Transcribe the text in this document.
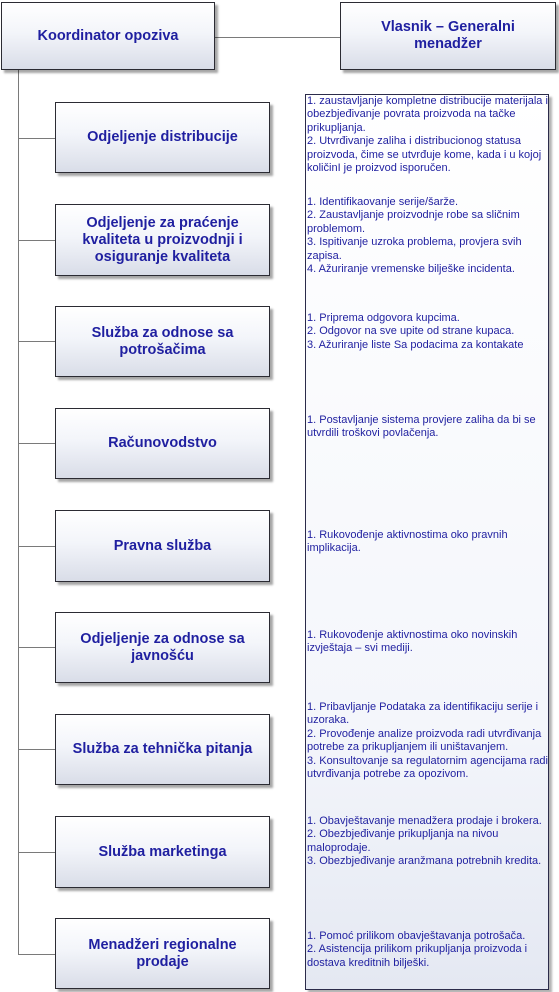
Koordinator opoziva
Vlasnik – Generalni menadžer
Odjeljenje distribucije
Odjeljenje za praćenje kvaliteta u proizvodnji i osiguranje kvaliteta
Služba za odnose sa potrošačima
Računovodstvo
Pravna služba
Odjeljenje za odnose sa javnošću
Služba za tehnička pitanja
Služba marketinga
Menadžeri regionalne prodaje
1. zaustavljanje kompletne distribucije materijala i obezbjeđivanje povrata proizvoda na tačke prikupljanja.
2. Utvrđivanje zaliha i distribucionog statusa proizvoda, čime se utvrđuje kome, kada i u kojoj količinI je proizvod isporučen.
1. Identifikaovanje serije/šarže.
2. Zaustavljanje proizvodnje robe sa sličnim problemom.
3. Ispitivanje uzroka problema, provjera svih zapisa.
4. Ažuriranje vremenske bilješke incidenta.
1. Priprema odgovora kupcima.
2. Odgovor na sve upite od strane kupaca.
3. Ažuriranje liste Sa podacima za kontakate
1. Postavljanje sistema provjere zaliha da bi se utvrdili troškovi povlačenja.
1. Rukovođenje aktivnostima oko pravnih implikacija.
1. Rukovođenje aktivnostima oko novinskih izvještaja – svi mediji.
1. Pribavljanje Podataka za identifikaciju serije i uzoraka.
2. Provođenje analize proizvoda radi utvrđivanja potrebe za prikupljanjem ili uništavanjem.
3. Konsultovanje sa regulatornim agencijama radi utvrđivanja potrebe za opozivom.
1. Obavještavanje menadžera prodaje i brokera.
2. Obezbjeđivanje prikupljanja na nivou maloprodaje.
3. Obezbjeđivanje aranžmana potrebnih kredita.
1. Pomoć prilikom obavještavanja potrošača.
2. Asistencija prilikom prikupljanja proizvoda i dostava kreditnih bilješki.
